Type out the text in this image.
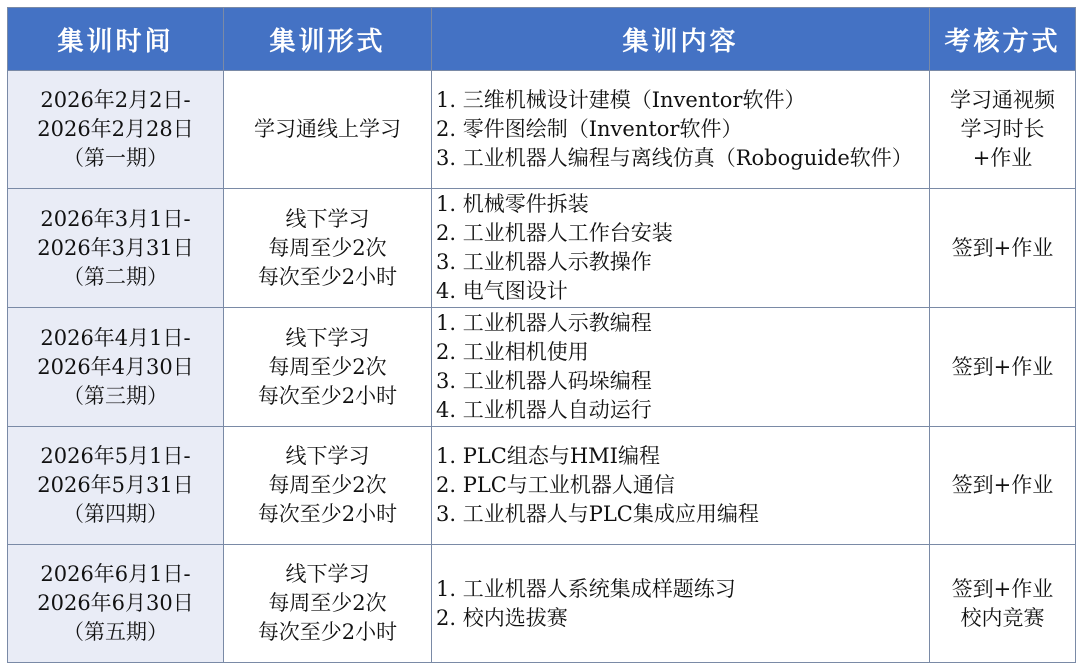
集训时间	集训形式	集训内容	考核方式

2026年2月2日-
2026年2月28日
（第一期）	学习通线上学习	1. 三维机械设计建模（Inventor软件）
2. 零件图绘制（Inventor软件）
3. 工业机器人编程与离线仿真（Roboguide软件）	学习通视频
学习时长
+作业

2026年3月1日-
2026年3月31日
（第二期）	线下学习
每周至少2次
每次至少2小时	1. 机械零件拆装
2. 工业机器人工作台安装
3. 工业机器人示教操作
4. 电气图设计	签到+作业

2026年4月1日-
2026年4月30日
（第三期）	线下学习
每周至少2次
每次至少2小时	1. 工业机器人示教编程
2. 工业相机使用
3. 工业机器人码垛编程
4. 工业机器人自动运行	签到+作业

2026年5月1日-
2026年5月31日
（第四期）	线下学习
每周至少2次
每次至少2小时	1. PLC组态与HMI编程
2. PLC与工业机器人通信
3. 工业机器人与PLC集成应用编程	签到+作业

2026年6月1日-
2026年6月30日
（第五期）	线下学习
每周至少2次
每次至少2小时	1. 工业机器人系统集成样题练习
2. 校内选拔赛	签到+作业
校内竞赛
